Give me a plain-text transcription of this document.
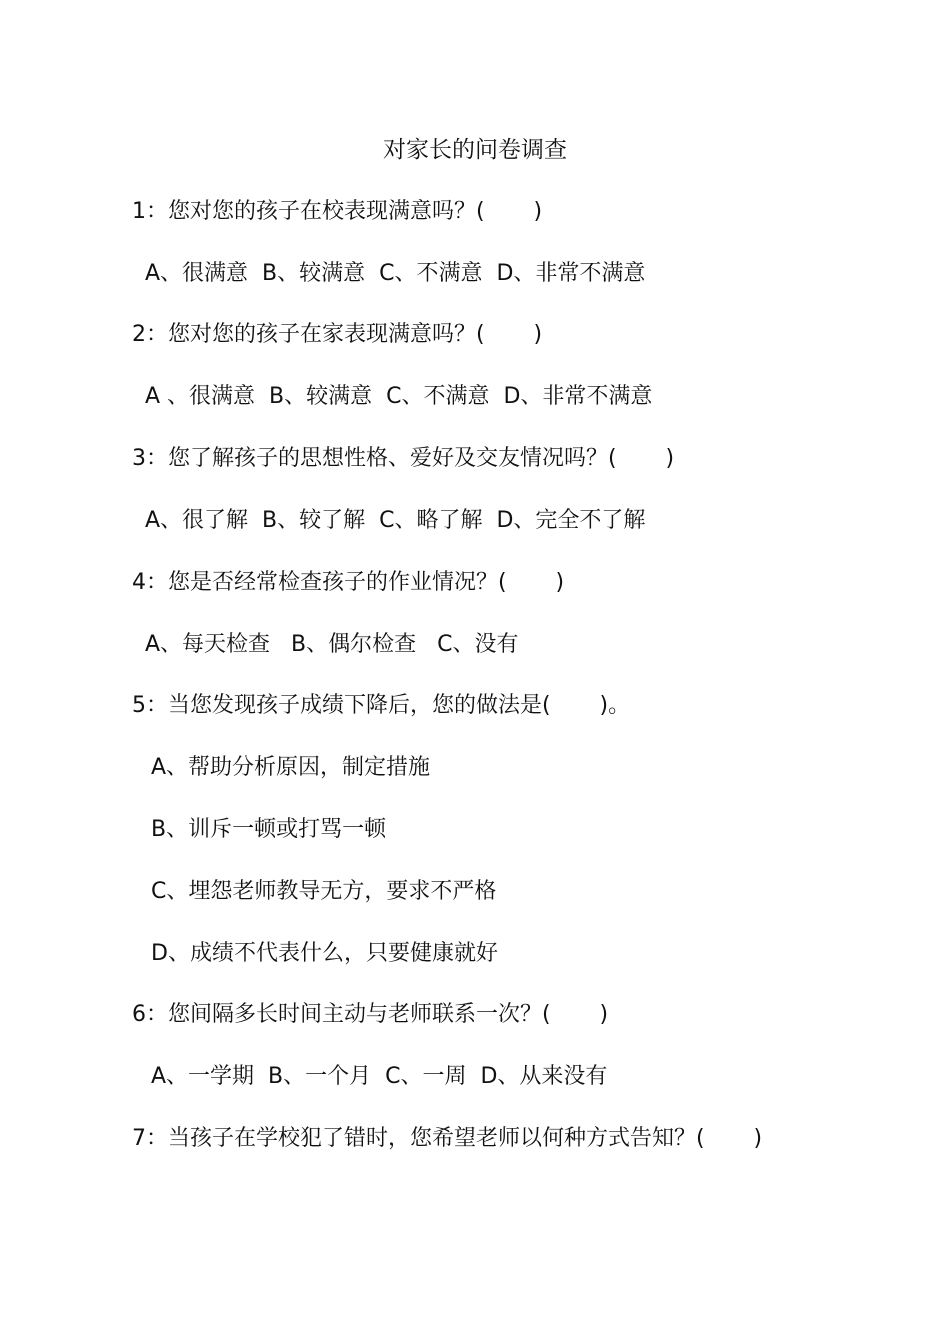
对家长的问卷调查
1：您对您的孩子在校表现满意吗？(       )
A、很满意  B、较满意  C、不满意  D、非常不满意
2：您对您的孩子在家表现满意吗？(       )
A 、很满意  B、较满意  C、不满意  D、非常不满意
3：您了解孩子的思想性格、爱好及交友情况吗？(       )
A、很了解  B、较了解  C、略了解  D、完全不了解
4：您是否经常检查孩子的作业情况？(       )
A、每天检查   B、偶尔检查   C、没有
5：当您发现孩子成绩下降后，您的做法是(       )。
A、帮助分析原因，制定措施
B、训斥一顿或打骂一顿
C、埋怨老师教导无方，要求不严格
D、成绩不代表什么，只要健康就好
6：您间隔多长时间主动与老师联系一次？(       )
A、一学期  B、一个月  C、一周  D、从来没有
7：当孩子在学校犯了错时，您希望老师以何种方式告知？(       )
